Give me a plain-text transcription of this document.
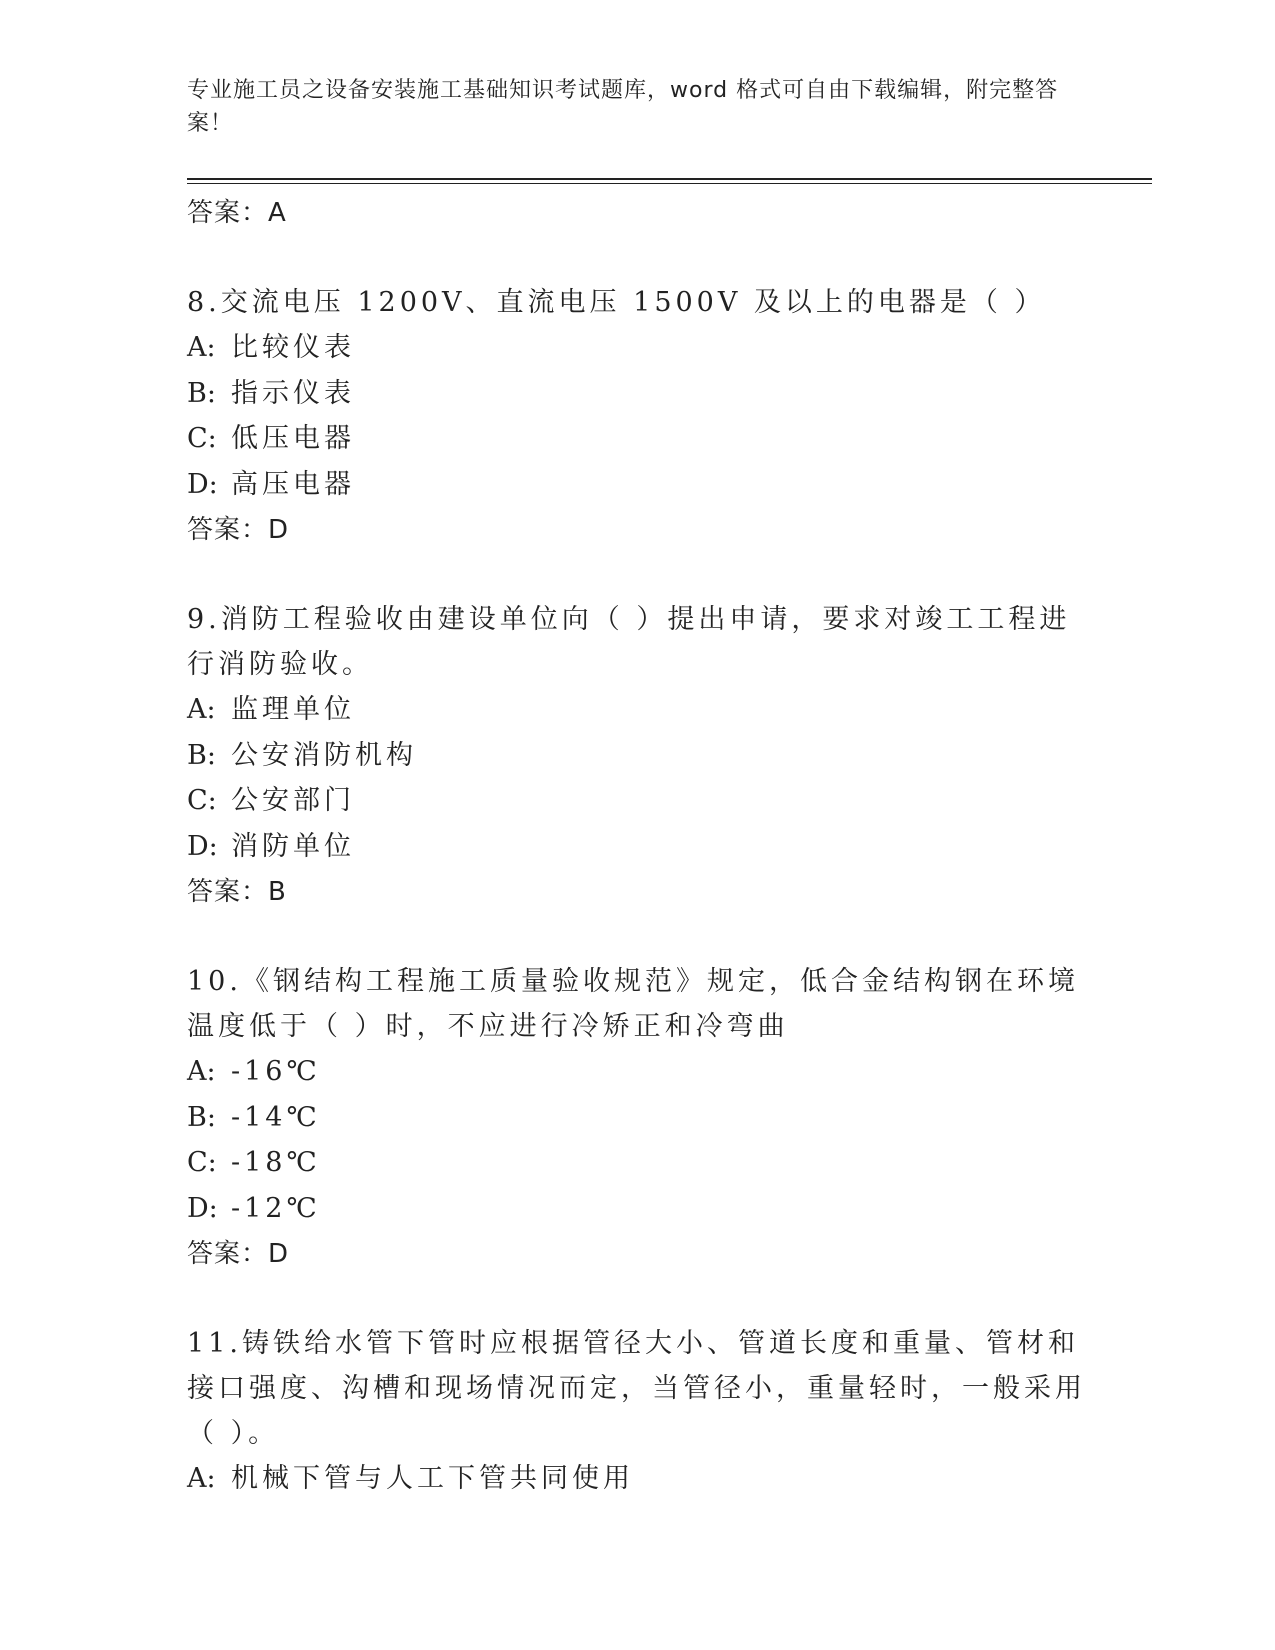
专业施工员之设备安装施工基础知识考试题库，word 格式可自由下载编辑，附完整答案！
答案：A
8.交流电压 1200V、直流电压 1500V 及以上的电器是（ ）
A: 比较仪表
B: 指示仪表
C: 低压电器
D: 高压电器
答案：D
9.消防工程验收由建设单位向（ ）提出申请，要求对竣工工程进行消防验收。
A: 监理单位
B: 公安消防机构
C: 公安部门
D: 消防单位
答案：B
10.《钢结构工程施工质量验收规范》规定，低合金结构钢在环境温度低于（ ）时，不应进行冷矫正和冷弯曲
A: -16℃
B: -14℃
C: -18℃
D: -12℃
答案：D
11.铸铁给水管下管时应根据管径大小、管道长度和重量、管材和接口强度、沟槽和现场情况而定，当管径小，重量轻时，一般采用（ ）。
A: 机械下管与人工下管共同使用
